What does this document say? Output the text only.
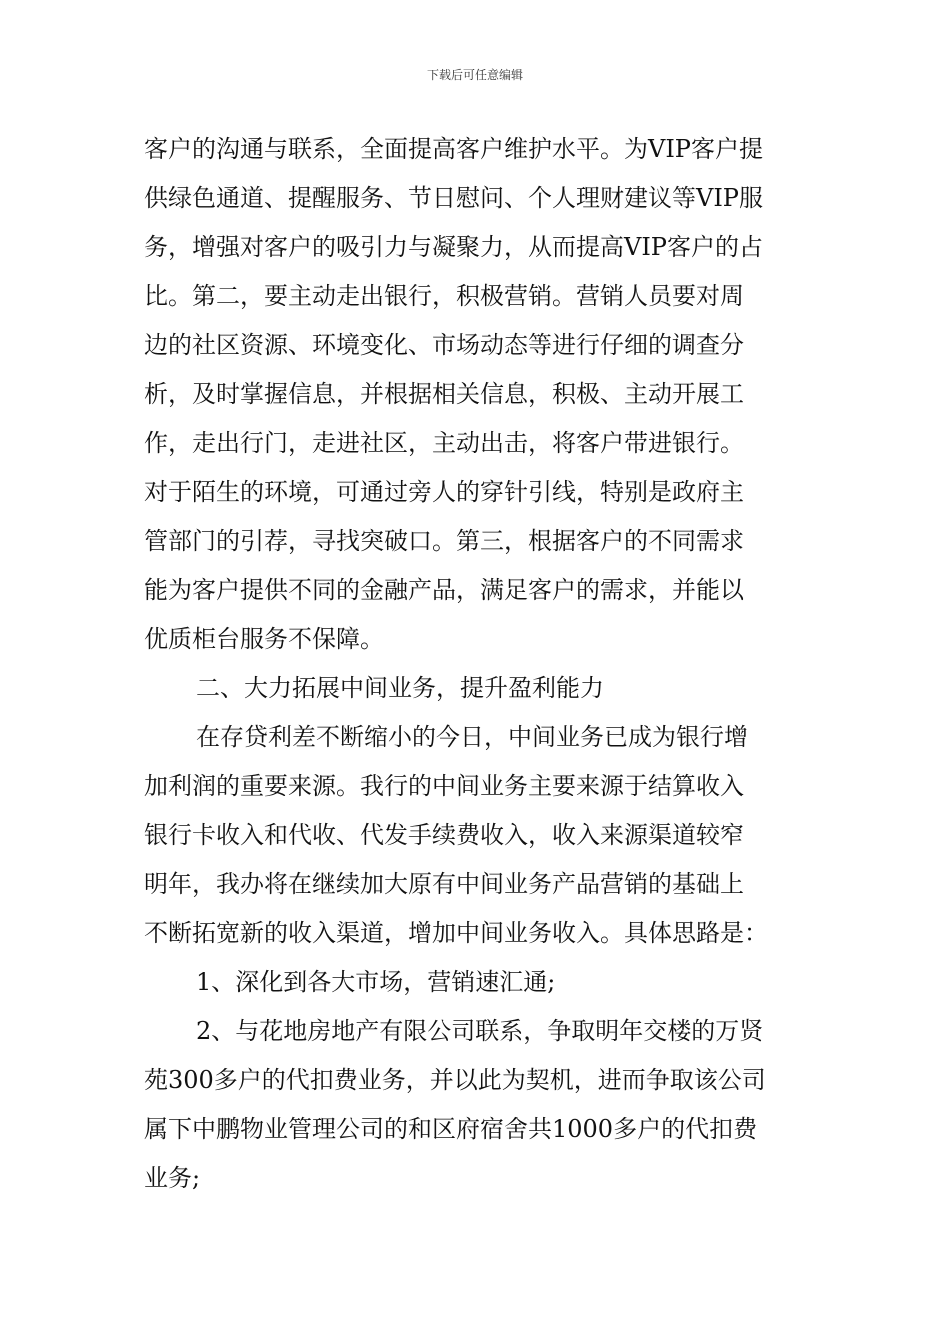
下载后可任意编辑
客户的沟通与联系，全面提高客户维护水平。为VIP客户提
供绿色通道、提醒服务、节日慰问、个人理财建议等VIP服
务，增强对客户的吸引力与凝聚力，从而提高VIP客户的占
比。第二，要主动走出银行，积极营销。营销人员要对周
边的社区资源、环境变化、市场动态等进行仔细的调查分
析，及时掌握信息，并根据相关信息，积极、主动开展工
作，走出行门，走进社区，主动出击，将客户带进银行。
对于陌生的环境，可通过旁人的穿针引线，特别是政府主
管部门的引荐，寻找突破口。第三，根据客户的不同需求
能为客户提供不同的金融产品，满足客户的需求，并能以
优质柜台服务不保障。
二、大力拓展中间业务，提升盈利能力
在存贷利差不断缩小的今日，中间业务已成为银行增
加利润的重要来源。我行的中间业务主要来源于结算收入
银行卡收入和代收、代发手续费收入，收入来源渠道较窄
明年，我办将在继续加大原有中间业务产品营销的基础上
不断拓宽新的收入渠道，增加中间业务收入。具体思路是：
1、深化到各大市场，营销速汇通;
2、与花地房地产有限公司联系，争取明年交楼的万贤
苑300多户的代扣费业务，并以此为契机，进而争取该公司
属下中鹏物业管理公司的和区府宿舍共1000多户的代扣费
业务;
